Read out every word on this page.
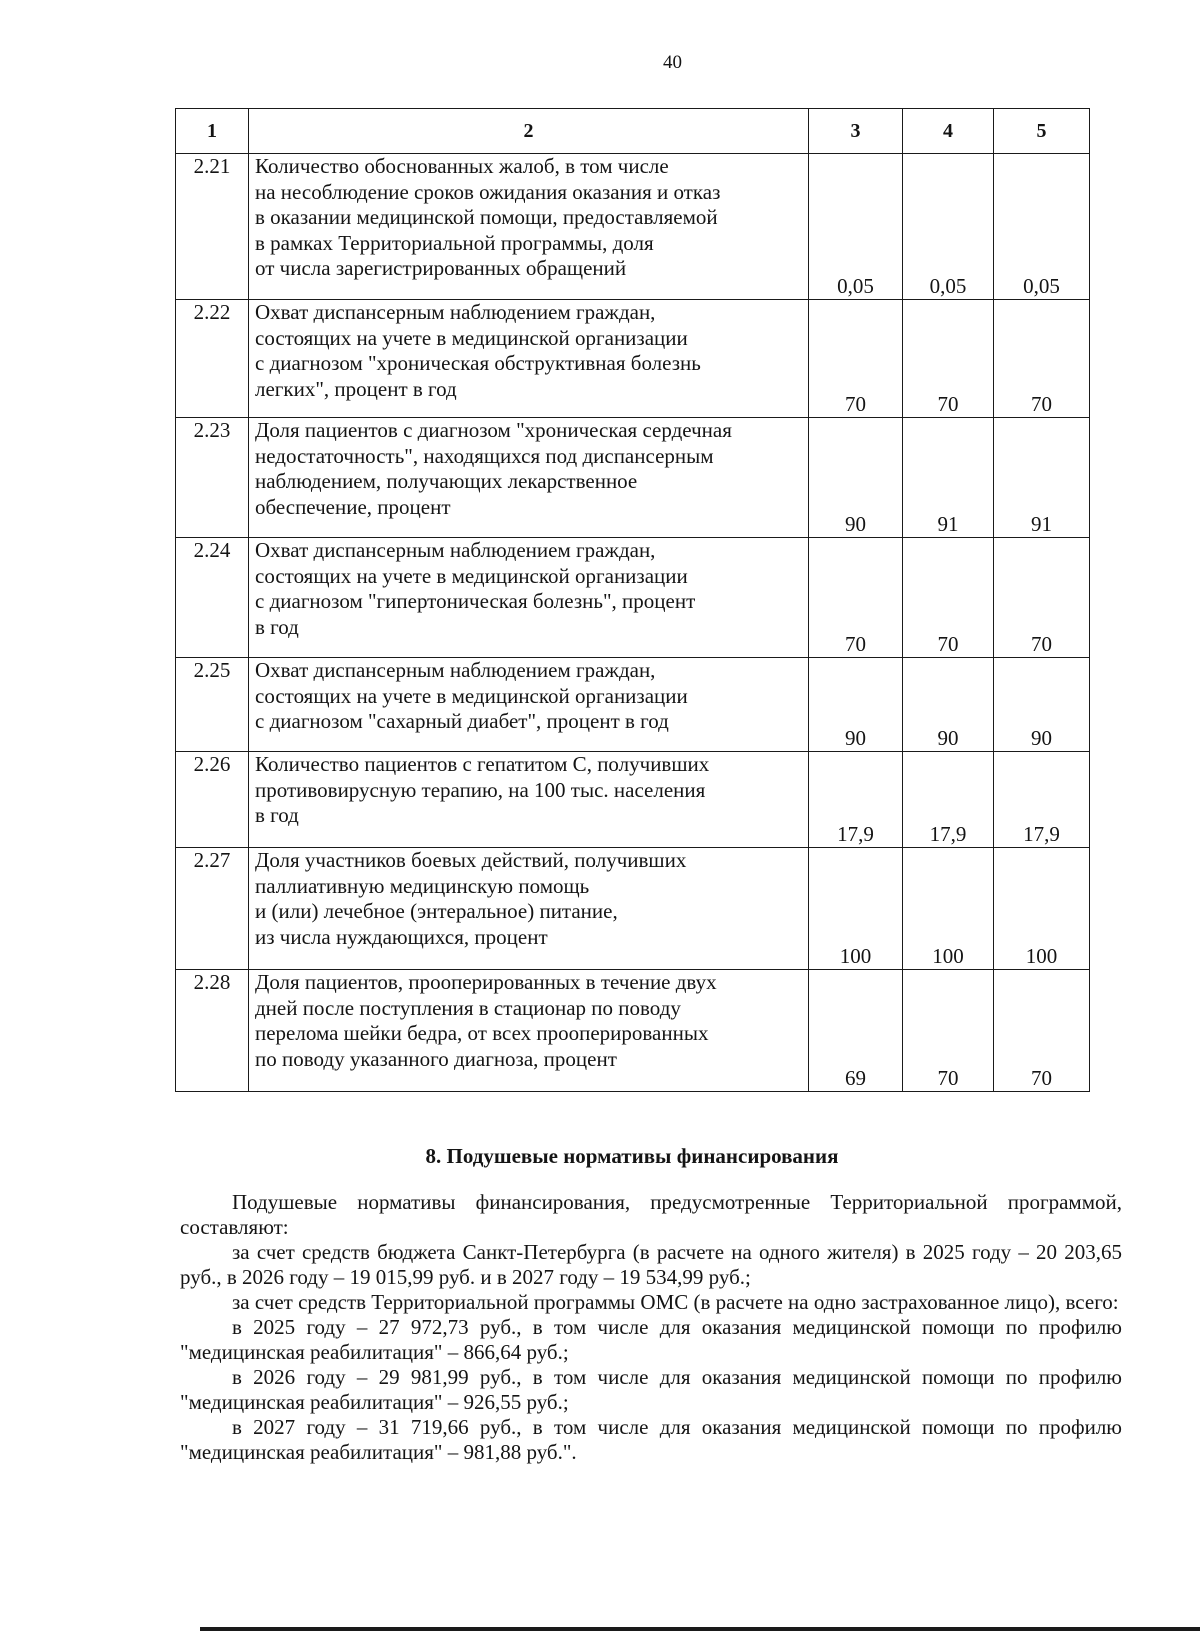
40
1	2	3	4	5
2.21	Количество обоснованных жалоб, в том числе
на несоблюдение сроков ожидания оказания и отказ
в оказании медицинской помощи, предоставляемой
в рамках Территориальной программы, доля
от числа зарегистрированных обращений	0,05	0,05	0,05
2.22	Охват диспансерным наблюдением граждан,
состоящих на учете в медицинской организации
с диагнозом "хроническая обструктивная болезнь
легких", процент в год	70	70	70
2.23	Доля пациентов с диагнозом "хроническая сердечная
недостаточность", находящихся под диспансерным
наблюдением, получающих лекарственное
обеспечение, процент	90	91	91
2.24	Охват диспансерным наблюдением граждан,
состоящих на учете в медицинской организации
с диагнозом "гипертоническая болезнь", процент
в год	70	70	70
2.25	Охват диспансерным наблюдением граждан,
состоящих на учете в медицинской организации
с диагнозом "сахарный диабет", процент в год	90	90	90
2.26	Количество пациентов с гепатитом С, получивших
противовирусную терапию, на 100 тыс. населения
в год	17,9	17,9	17,9
2.27	Доля участников боевых действий, получивших
паллиативную медицинскую помощь
и (или) лечебное (энтеральное) питание,
из числа нуждающихся, процент	100	100	100
2.28	Доля пациентов, прооперированных в течение двух
дней после поступления в стационар по поводу
перелома шейки бедра, от всех прооперированных
по поводу указанного диагноза, процент	69	70	70
8. Подушевые нормативы финансирования

Подушевые нормативы финансирования, предусмотренные Территориальной программой, составляют:

за счет средств бюджета Санкт-Петербурга (в расчете на одного жителя) в 2025 году – 20 203,65 руб., в 2026 году – 19 015,99 руб. и в 2027 году – 19 534,99 руб.;

за счет средств Территориальной программы ОМС (в расчете на одно застрахованное лицо), всего:

в 2025 году – 27 972,73 руб., в том числе для оказания медицинской помощи по профилю "медицинская реабилитация" – 866,64 руб.;

в 2026 году – 29 981,99 руб., в том числе для оказания медицинской помощи по профилю "медицинская реабилитация" – 926,55 руб.;

в 2027 году – 31 719,66 руб., в том числе для оказания медицинской помощи по профилю "медицинская реабилитация" – 981,88 руб.".
